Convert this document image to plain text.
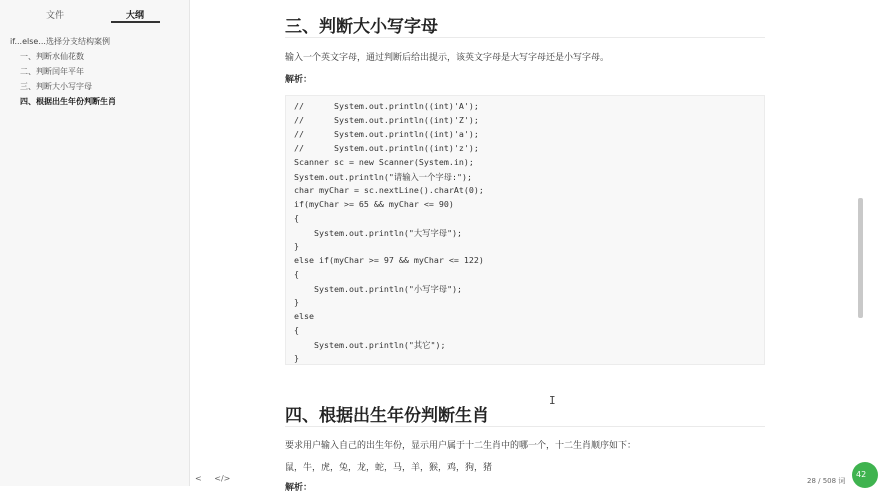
文件	大纲
if...else...选择分支结构案例
一、判断水仙花数
二、判断闰年平年
三、判断大小写字母
四、根据出生年份判断生肖
< </>
三、判断大小写字母
输入一个英文字母，通过判断后给出提示，该英文字母是大写字母还是小写字母。
解析：
//      System.out.println((int)'A');
//      System.out.println((int)'Z');
//      System.out.println((int)'a');
//      System.out.println((int)'z');
Scanner sc = new Scanner(System.in);
System.out.println("请输入一个字母:");
char myChar = sc.nextLine().charAt(0);
if(myChar >= 65 && myChar <= 90)
{
System.out.println("大写字母");
}
else if(myChar >= 97 && myChar <= 122)
{
System.out.println("小写字母");
}
else
{
System.out.println("其它");
}
四、根据出生年份判断生肖
要求用户输入自己的出生年份，显示用户属于十二生肖中的哪一个，十二生肖顺序如下：
鼠，牛，虎，兔，龙，蛇，马，羊，猴，鸡，狗，猪
解析：
I
28 / 508 词
42
